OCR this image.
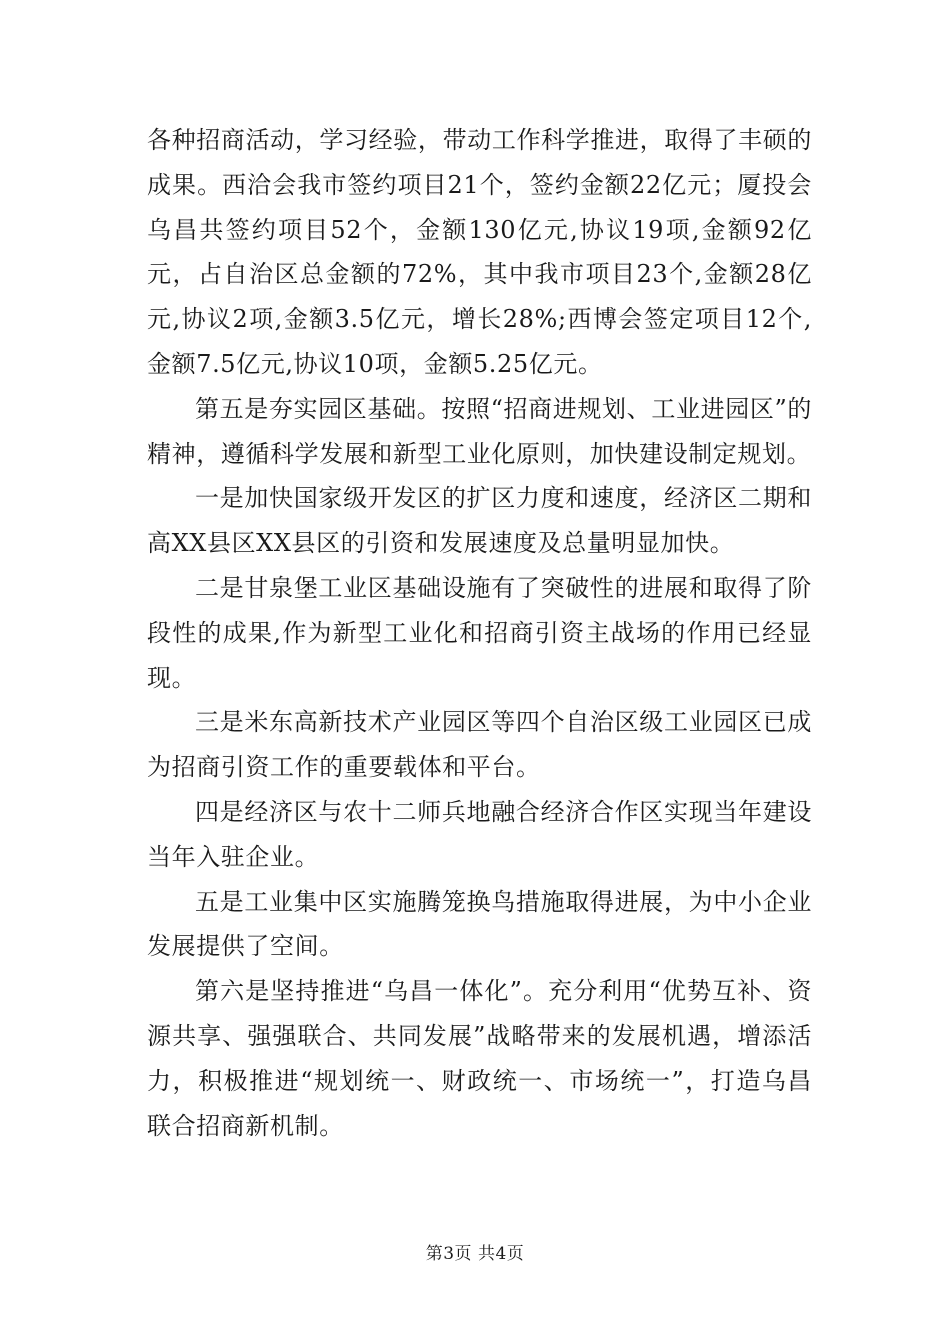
各种招商活动，学习经验，带动工作科学推进，取得了丰硕的成果。西洽会我市签约项目21个，签约金额22亿元；厦投会乌昌共签约项目52个，金额130亿元,协议19项,金额92亿元，占自治区总金额的72%，其中我市项目23个,金额28亿元,协议2项,金额3.5亿元，增长28%;西博会签定项目12个,金额7.5亿元,协议10项，金额5.25亿元。

第五是夯实园区基础。按照“招商进规划、工业进园区”的精神，遵循科学发展和新型工业化原则，加快建设制定规划。

一是加快国家级开发区的扩区力度和速度，经济区二期和高XX县区XX县区的引资和发展速度及总量明显加快。

二是甘泉堡工业区基础设施有了突破性的进展和取得了阶段性的成果,作为新型工业化和招商引资主战场的作用已经显现。

三是米东高新技术产业园区等四个自治区级工业园区已成为招商引资工作的重要载体和平台。

四是经济区与农十二师兵地融合经济合作区实现当年建设当年入驻企业。

五是工业集中区实施腾笼换鸟措施取得进展，为中小企业发展提供了空间。

第六是坚持推进“乌昌一体化”。充分利用“优势互补、资源共享、强强联合、共同发展”战略带来的发展机遇，增添活力，积极推进“规划统一、财政统一、市场统一”，打造乌昌联合招商新机制。

第3页 共4页
